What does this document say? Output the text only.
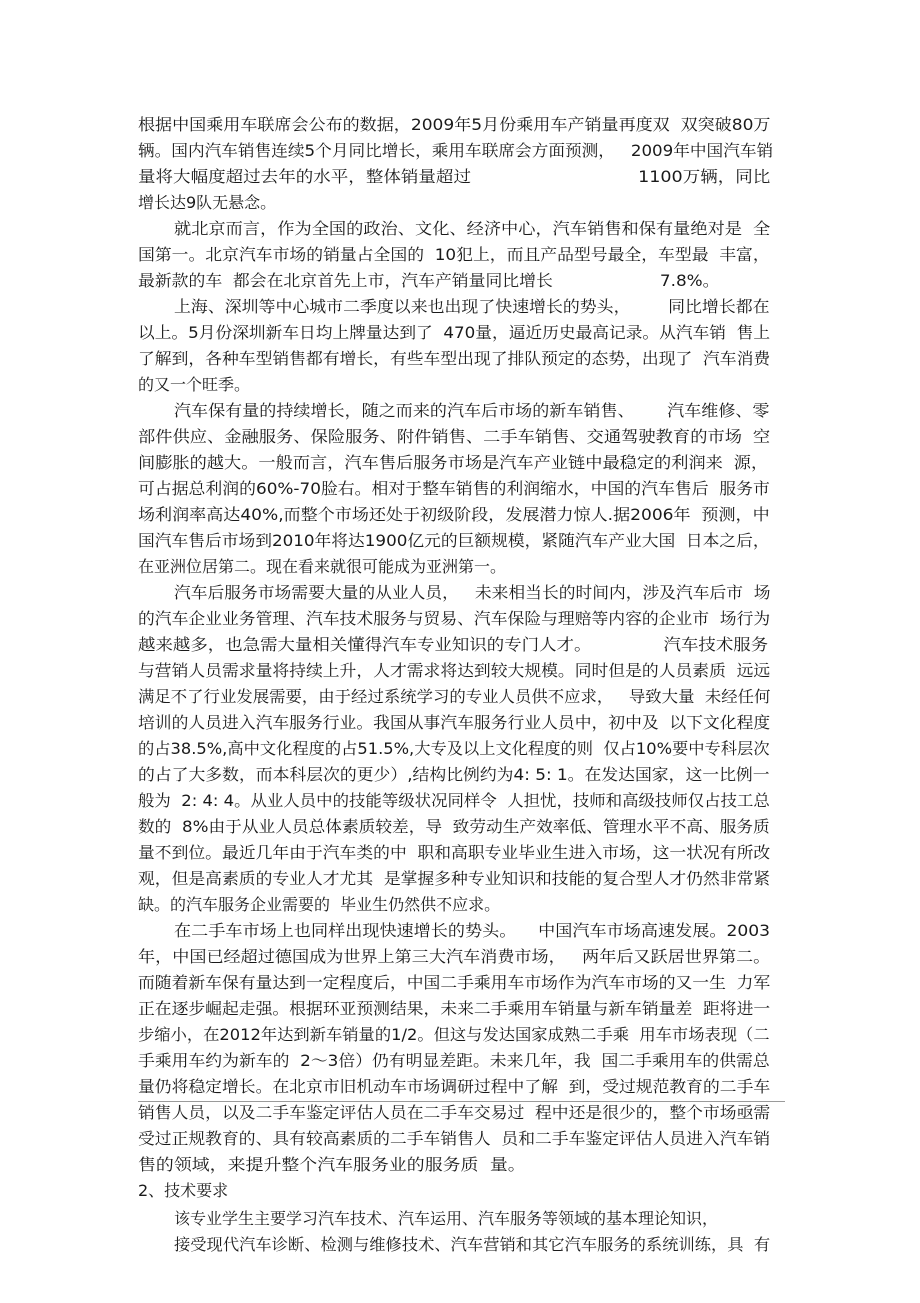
根据中国乘用车联席会公布的数据，2009年5月份乘用车产销量再度双  双突破80万
辆。国内汽车销售连续5个月同比增长，乘用车联席会方面预测，   2009年中国汽车销
量将大幅度超过去年的水平，整体销量超过                              1100万辆，同比
增长达9队无悬念。
就北京而言，作为全国的政治、文化、经济中心，汽车销售和保有量绝对是  全
国第一。北京汽车市场的销量占全国的  10犯上，而且产品型号最全，车型最  丰富，
最新款的车  都会在北京首先上市，汽车产销量同比增长                    7.8%。
上海、深圳等中心城市二季度以来也出现了快速增长的势头，       同比增长都在
以上。5月份深圳新车日均上牌量达到了  470量，逼近历史最高记录。从汽车销  售上
了解到，各种车型销售都有增长，有些车型出现了排队预定的态势，出现了  汽车消费
的又一个旺季。
汽车保有量的持续增长，随之而来的汽车后市场的新车销售、      汽车维修、零
部件供应、金融服务、保险服务、附件销售、二手车销售、交通驾驶教育的市场  空
间膨胀的越大。一般而言，汽车售后服务市场是汽车产业链中最稳定的利润来  源，
可占据总利润的60%-70脸右。相对于整车销售的利润缩水，中国的汽车售后  服务市
场利润率高达40%,而整个市场还处于初级阶段，发展潜力惊人.据2006年  预测，中
国汽车售后市场到2010年将达1900亿元的巨额规模，紧随汽车产业大国  日本之后，
在亚洲位居第二。现在看来就很可能成为亚洲第一。
汽车后服务市场需要大量的从业人员，   未来相当长的时间内，涉及汽车后市  场
的汽车企业业务管理、汽车技术服务与贸易、汽车保险与理赔等内容的企业市  场行为
越来越多，也急需大量相关懂得汽车专业知识的专门人才。             汽车技术服务
与营销人员需求量将持续上升，人才需求将达到较大规模。同时但是的人员素质  远远
满足不了行业发展需要，由于经过系统学习的专业人员供不应求，   导致大量  未经任何
培训的人员进入汽车服务行业。我国从事汽车服务行业人员中，初中及  以下文化程度
的占38.5%,高中文化程度的占51.5%,大专及以上文化程度的则  仅占10%要中专科层次
的占了大多数，而本科层次的更少）,结构比例约为4: 5: 1。在发达国家，这一比例一
般为  2: 4: 4。从业人员中的技能等级状况同样令  人担忧，技师和高级技师仅占技工总
数的  8%由于从业人员总体素质较差，导  致劳动生产效率低、管理水平不高、服务质
量不到位。最近几年由于汽车类的中  职和高职专业毕业生进入市场，这一状况有所改
观，但是高素质的专业人才尤其  是掌握多种专业知识和技能的复合型人才仍然非常紧
缺。的汽车服务企业需要的  毕业生仍然供不应求。
在二手车市场上也同样出现快速增长的势头。    中国汽车市场高速发展。2003
年，中国已经超过德国成为世界上第三大汽车消费市场，   两年后又跃居世界第二。
而随着新车保有量达到一定程度后，中国二手乘用车市场作为汽车市场的又一生  力军
正在逐步崛起走强。根据环亚预测结果，未来二手乘用车销量与新车销量差  距将进一
步缩小，在2012年达到新车销量的1/2。但这与发达国家成熟二手乘  用车市场表现（二
手乘用车约为新车的  2～3倍）仍有明显差距。未来几年，我  国二手乘用车的供需总
量仍将稳定增长。在北京市旧机动车市场调研过程中了解  到，受过规范教育的二手车
销售人员，以及二手车鉴定评估人员在二手车交易过  程中还是很少的，整个市场亟需
受过正规教育的、具有较高素质的二手车销售人  员和二手车鉴定评估人员进入汽车销
售的领域，来提升整个汽车服务业的服务质  量。
2、技术要求
该专业学生主要学习汽车技术、汽车运用、汽车服务等领域的基本理论知识，
接受现代汽车诊断、检测与维修技术、汽车营销和其它汽车服务的系统训练，具  有
